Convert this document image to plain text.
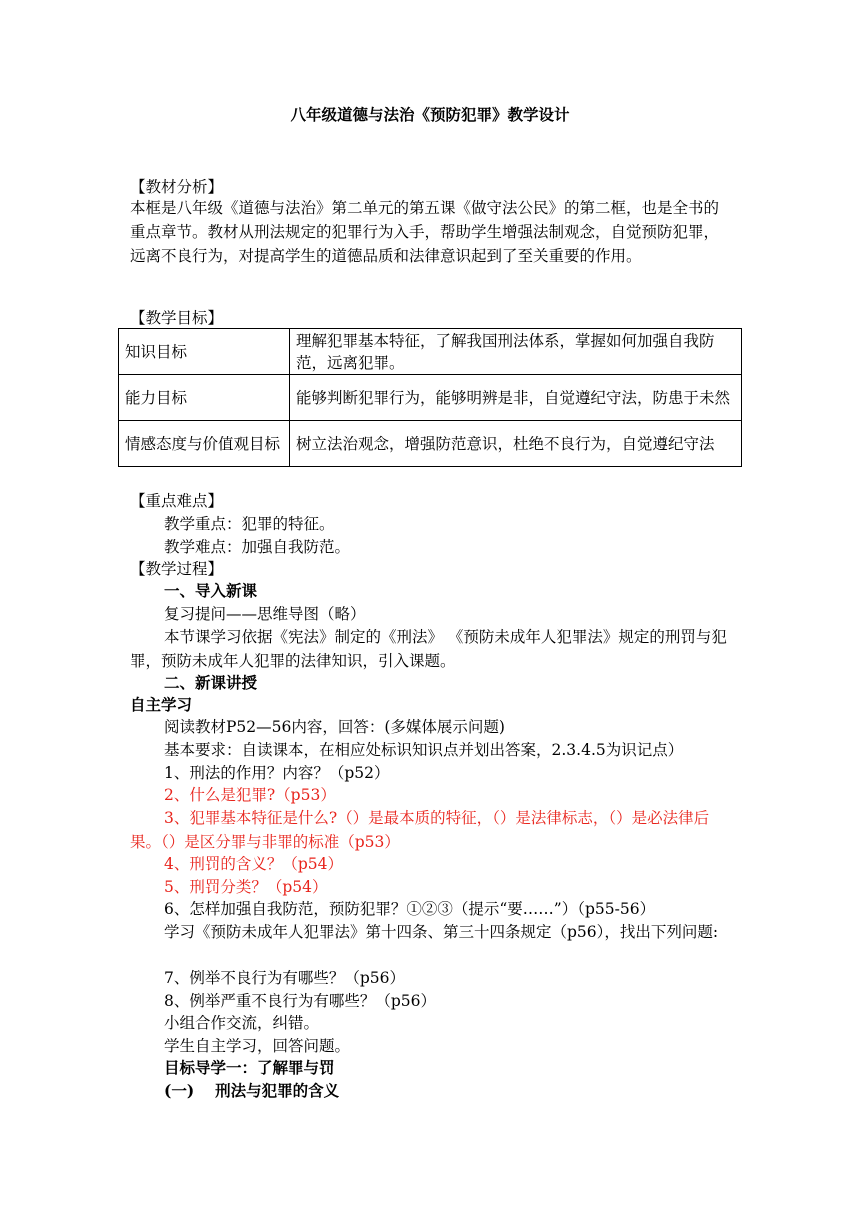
八年级道德与法治《预防犯罪》教学设计
【教材分析】
本框是八年级《道德与法治》第二单元的第五课《做守法公民》的第二框，也是全书的重点章节。教材从刑法规定的犯罪行为入手，帮助学生增强法制观念，自觉预防犯罪，远离不良行为，对提高学生的道德品质和法律意识起到了至关重要的作用。
【教学目标】
知识目标	理解犯罪基本特征，了解我国刑法体系，掌握如何加强自我防范，远离犯罪。
能力目标	能够判断犯罪行为，能够明辨是非，自觉遵纪守法，防患于未然
情感态度与价值观目标	树立法治观念，增强防范意识，杜绝不良行为，自觉遵纪守法
【重点难点】
教学重点：犯罪的特征。
教学难点：加强自我防范。
【教学过程】
一、导入新课
复习提问——思维导图（略）
本节课学习依据《宪法》制定的《刑法》 《预防未成年人犯罪法》规定的刑罚与犯罪，预防未成年人犯罪的法律知识，引入课题。
二、新课讲授
自主学习
阅读教材P52—56内容，回答：(多媒体展示问题)
基本要求：自读课本，在相应处标识知识点并划出答案，2.3.4.5为识记点）
1、刑法的作用？内容？（p52）
2、什么是犯罪?（p53）
3、犯罪基本特征是什么?（）是最本质的特征，（）是法律标志，（）是必法律后果。（）是区分罪与非罪的标准（p53）
4、刑罚的含义？（p54）
5、刑罚分类？（p54）
6、怎样加强自我防范，预防犯罪？①②③（提示“要……”）（p55-56）
学习《预防未成年人犯罪法》第十四条、第三十四条规定（p56），找出下列问题:
7、例举不良行为有哪些？（p56）
8、例举严重不良行为有哪些？（p56）
小组合作交流，纠错。
学生自主学习，回答问题。
目标导学一：了解罪与罚
(一)　 刑法与犯罪的含义
